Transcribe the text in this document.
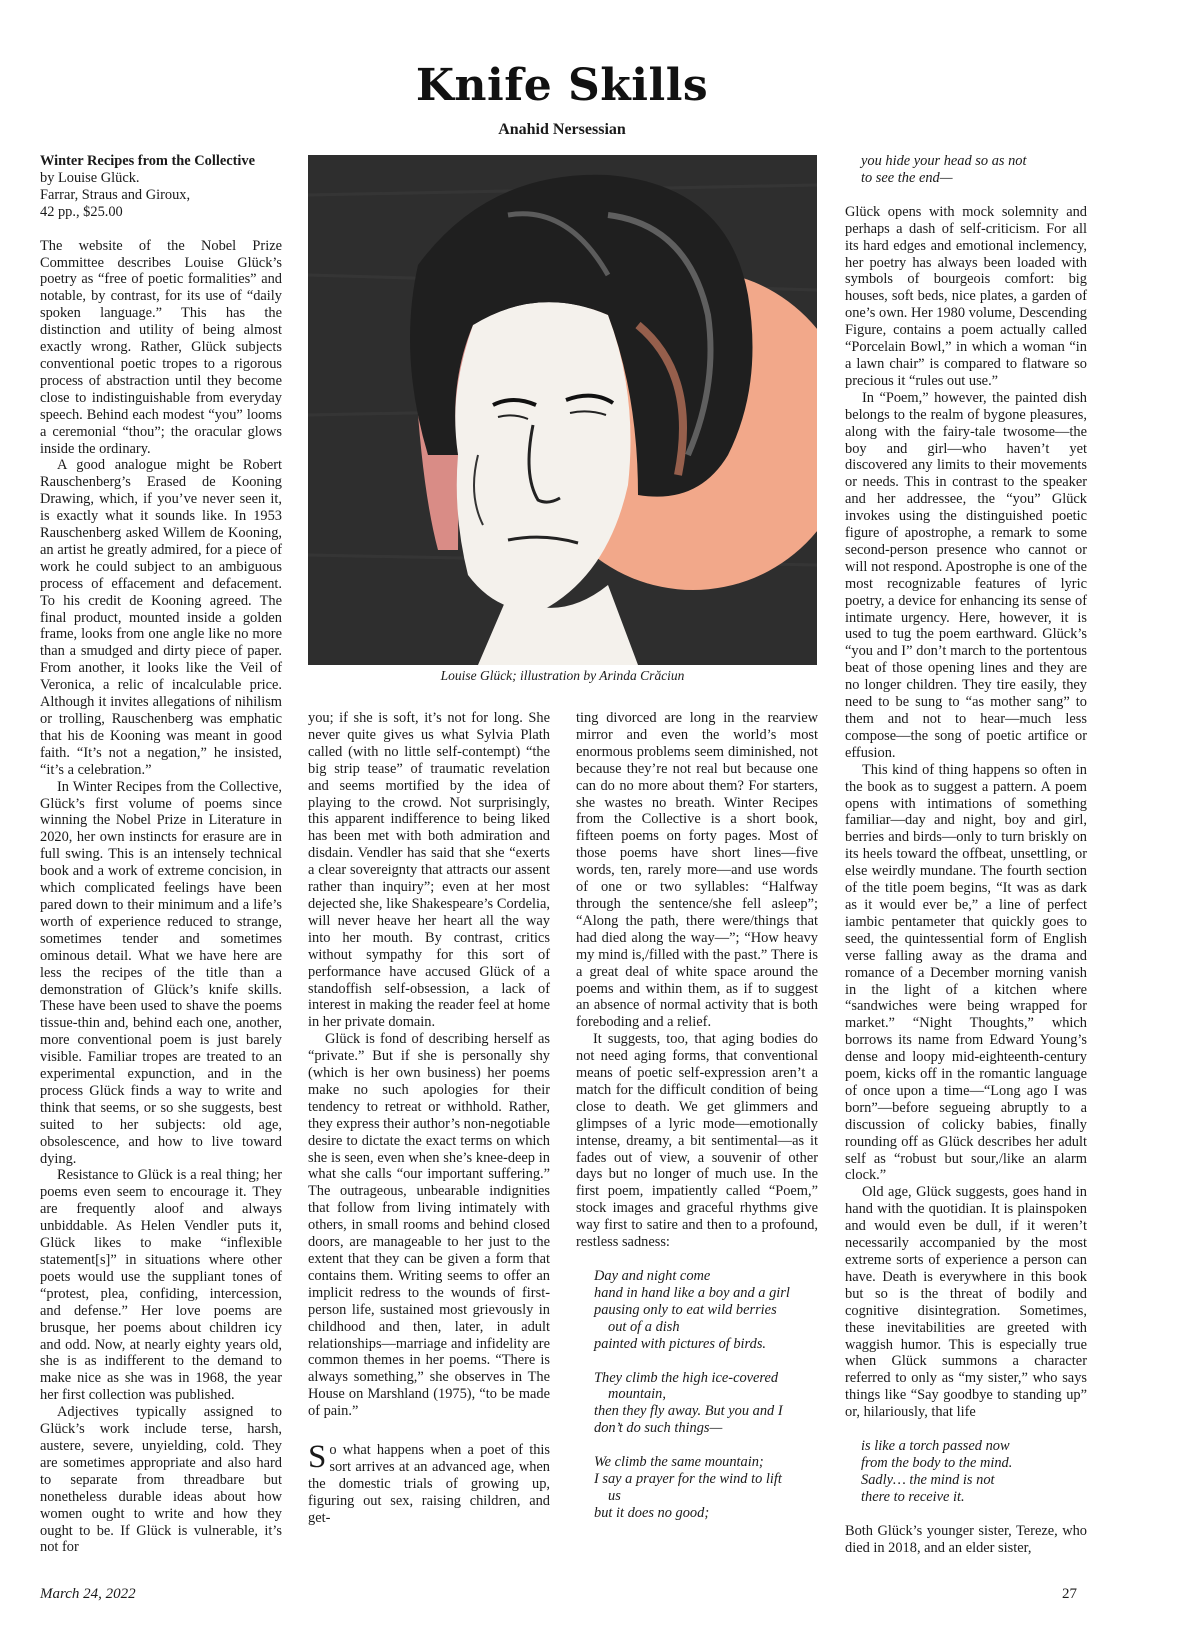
Knife Skills
Anahid Nersessian
Winter Recipes from the Collective
by Louise Glück.
Farrar, Straus and Giroux,
42 pp., $25.00

The website of the Nobel Prize Committee describes Louise Glück’s poetry as “free of poetic formalities” and notable, by contrast, for its use of “daily spoken language.” This has the distinction and utility of being almost exactly wrong. Rather, Glück subjects conventional poetic tropes to a rigorous process of abstraction until they become close to indistinguishable from everyday speech. Behind each modest “you” looms a ceremonial “thou”; the oracular glows inside the ordinary.

A good analogue might be Robert Rauschenberg’s Erased de Kooning Drawing, which, if you’ve never seen it, is exactly what it sounds like. In 1953 Rauschenberg asked Willem de Kooning, an artist he greatly admired, for a piece of work he could subject to an ambiguous process of effacement and defacement. To his credit de Kooning agreed. The final product, mounted inside a golden frame, looks from one angle like no more than a smudged and dirty piece of paper. From another, it looks like the Veil of Veronica, a relic of incalculable price. Although it invites allegations of nihilism or trolling, Rauschenberg was emphatic that his de Kooning was meant in good faith. “It’s not a negation,” he insisted, “it’s a celebration.”

In Winter Recipes from the Collective, Glück’s first volume of poems since winning the Nobel Prize in Literature in 2020, her own instincts for erasure are in full swing. This is an intensely technical book and a work of extreme concision, in which complicated feelings have been pared down to their minimum and a life’s worth of experience reduced to strange, sometimes tender and sometimes ominous detail. What we have here are less the recipes of the title than a demonstration of Glück’s knife skills. These have been used to shave the poems tissue-thin and, behind each one, another, more conventional poem is just barely visible. Familiar tropes are treated to an experimental expunction, and in the process Glück finds a way to write and think that seems, or so she suggests, best suited to her subjects: old age, obsolescence, and how to live toward dying.

Resistance to Glück is a real thing; her poems even seem to encourage it. They are frequently aloof and always unbiddable. As Helen Vendler puts it, Glück likes to make “inflexible statement[s]” in situations where other poets would use the suppliant tones of “protest, plea, confiding, intercession, and defense.” Her love poems are brusque, her poems about children icy and odd. Now, at nearly eighty years old, she is as indifferent to the demand to make nice as she was in 1968, the year her first collection was published.

Adjectives typically assigned to Glück’s work include terse, harsh, austere, severe, unyielding, cold. They are sometimes appropriate and also hard to separate from threadbare but nonetheless durable ideas about how women ought to write and how they ought to be. If Glück is vulnerable, it’s not for

Louise Glück; illustration by Arinda Crăciun

you; if she is soft, it’s not for long. She never quite gives us what Sylvia Plath called (with no little self-contempt) “the big strip tease” of traumatic revelation and seems mortified by the idea of playing to the crowd. Not surprisingly, this apparent indifference to being liked has been met with both admiration and disdain. Vendler has said that she “exerts a clear sovereignty that attracts our assent rather than inquiry”; even at her most dejected she, like Shakespeare’s Cordelia, will never heave her heart all the way into her mouth. By contrast, critics without sympathy for this sort of performance have accused Glück of a standoffish self-obsession, a lack of interest in making the reader feel at home in her private domain.

Glück is fond of describing herself as “private.” But if she is personally shy (which is her own business) her poems make no such apologies for their tendency to retreat or withhold. Rather, they express their author’s non-negotiable desire to dictate the exact terms on which she is seen, even when she’s knee-deep in what she calls “our important suffering.” The outrageous, unbearable indignities that follow from living intimately with others, in small rooms and behind closed doors, are manageable to her just to the extent that they can be given a form that contains them. Writing seems to offer an implicit redress to the wounds of first-person life, sustained most grievously in childhood and then, later, in adult relationships—marriage and infidelity are common themes in her poems. “There is always something,” she observes in The House on Marshland (1975), “to be made of pain.”

So what happens when a poet of this sort arrives at an advanced age, when the domestic trials of growing up, figuring out sex, raising children, and get-

ting divorced are long in the rearview mirror and even the world’s most enormous problems seem diminished, not because they’re not real but because one can do no more about them? For starters, she wastes no breath. Winter Recipes from the Collective is a short book, fifteen poems on forty pages. Most of those poems have short lines—five words, ten, rarely more—and use words of one or two syllables: “Halfway through the sentence/she fell asleep”; “Along the path, there were/things that had died along the way—”; “How heavy my mind is,/filled with the past.” There is a great deal of white space around the poems and within them, as if to suggest an absence of normal activity that is both foreboding and a relief.

It suggests, too, that aging bodies do not need aging forms, that conventional means of poetic self-expression aren’t a match for the difficult condition of being close to death. We get glimmers and glimpses of a lyric mode—emotionally intense, dreamy, a bit sentimental—as it fades out of view, a souvenir of other days but no longer of much use. In the first poem, impatiently called “Poem,” stock images and graceful rhythms give way first to satire and then to a profound, restless sadness:

Day and night come
hand in hand like a boy and a girl
pausing only to eat wild berries
out of a dish
painted with pictures of birds.
They climb the high ice-covered
mountain,
then they fly away. But you and I
don’t do such things—
We climb the same mountain;
I say a prayer for the wind to lift
us
but it does no good;
you hide your head so as not
to see the end—

Glück opens with mock solemnity and perhaps a dash of self-criticism. For all its hard edges and emotional inclemency, her poetry has always been loaded with symbols of bourgeois comfort: big houses, soft beds, nice plates, a garden of one’s own. Her 1980 volume, Descending Figure, contains a poem actually called “Porcelain Bowl,” in which a woman “in a lawn chair” is compared to flatware so precious it “rules out use.”

In “Poem,” however, the painted dish belongs to the realm of bygone pleasures, along with the fairy-tale twosome—the boy and girl—who haven’t yet discovered any limits to their movements or needs. This in contrast to the speaker and her addressee, the “you” Glück invokes using the distinguished poetic figure of apostrophe, a remark to some second-person presence who cannot or will not respond. Apostrophe is one of the most recognizable features of lyric poetry, a device for enhancing its sense of intimate urgency. Here, however, it is used to tug the poem earthward. Glück’s “you and I” don’t march to the portentous beat of those opening lines and they are no longer children. They tire easily, they need to be sung to “as mother sang” to them and not to hear—much less compose—the song of poetic artifice or effusion.

This kind of thing happens so often in the book as to suggest a pattern. A poem opens with intimations of something familiar—day and night, boy and girl, berries and birds—only to turn briskly on its heels toward the offbeat, unsettling, or else weirdly mundane. The fourth section of the title poem begins, “It was as dark as it would ever be,” a line of perfect iambic pentameter that quickly goes to seed, the quintessential form of English verse falling away as the drama and romance of a December morning vanish in the light of a kitchen where “sandwiches were being wrapped for market.” “Night Thoughts,” which borrows its name from Edward Young’s dense and loopy mid-eighteenth-century poem, kicks off in the romantic language of once upon a time—“Long ago I was born”—before segueing abruptly to a discussion of colicky babies, finally rounding off as Glück describes her adult self as “robust but sour,/like an alarm clock.”

Old age, Glück suggests, goes hand in hand with the quotidian. It is plainspoken and would even be dull, if it weren’t necessarily accompanied by the most extreme sorts of experience a person can have. Death is everywhere in this book but so is the threat of bodily and cognitive disintegration. Sometimes, these inevitabilities are greeted with waggish humor. This is especially true when Glück summons a character referred to only as “my sister,” who says things like “Say goodbye to standing up” or, hilariously, that life

is like a torch passed now
from the body to the mind.
Sadly… the mind is not
there to receive it.

Both Glück’s younger sister, Tereze, who died in 2018, and an elder sister,

March 24, 2022	27
